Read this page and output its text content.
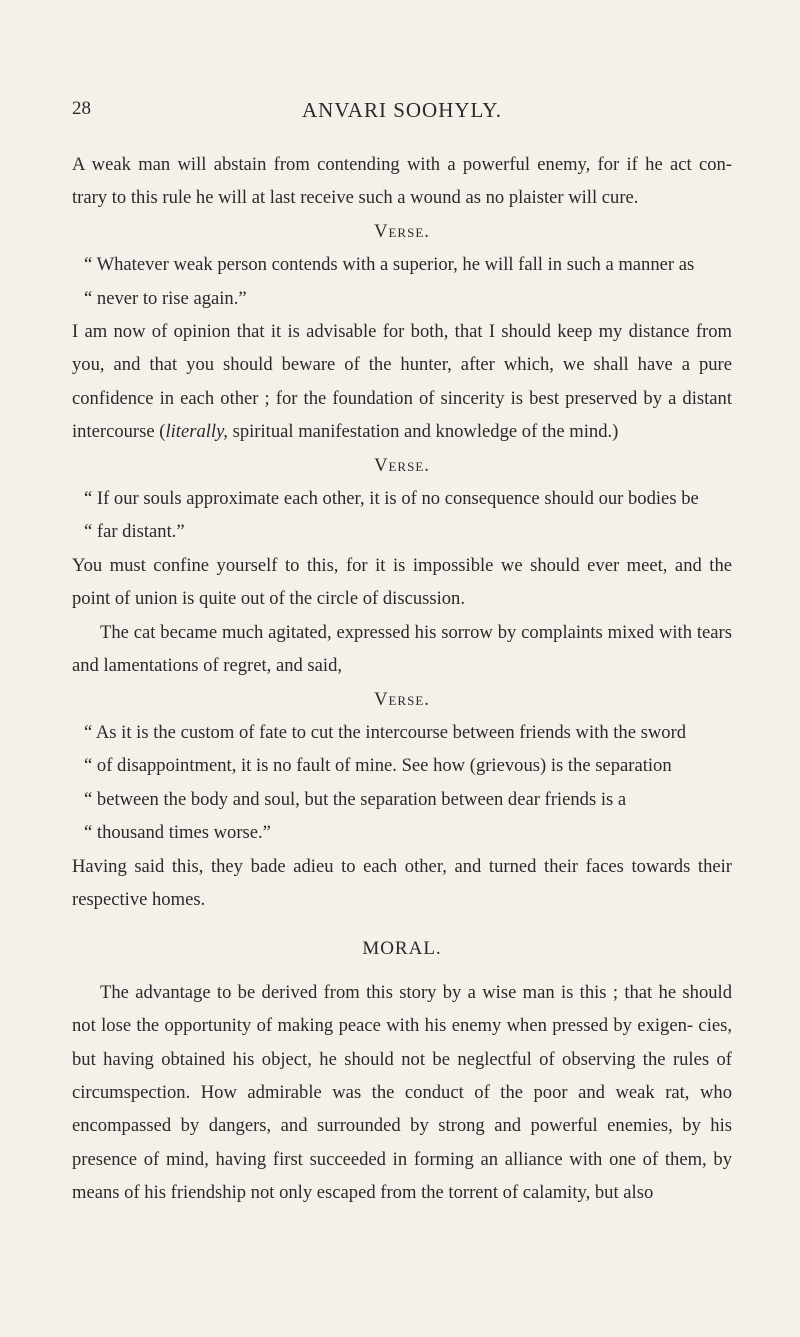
28	ANVARI SOOHYLY.

A weak man will abstain from contending with a powerful enemy, for if he act con- trary to this rule he will at last receive such a wound as no plaister will cure.

Verse.

“ Whatever weak person contends with a superior, he will fall in such a manner as

“ never to rise again.”

I am now of opinion that it is advisable for both, that I should keep my distance from you, and that you should beware of the hunter, after which, we shall have a pure confidence in each other ; for the foundation of sincerity is best preserved by a distant intercourse (literally, spiritual manifestation and knowledge of the mind.)

Verse.

“ If our souls approximate each other, it is of no consequence should our bodies be

“ far distant.”

You must confine yourself to this, for it is impossible we should ever meet, and the point of union is quite out of the circle of discussion.

The cat became much agitated, expressed his sorrow by complaints mixed with tears and lamentations of regret, and said,

Verse.

“ As it is the custom of fate to cut the intercourse between friends with the sword

“ of disappointment, it is no fault of mine. See how (grievous) is the separation

“ between the body and soul, but the separation between dear friends is a

“ thousand times worse.”

Having said this, they bade adieu to each other, and turned their faces towards their respective homes.

MORAL.

The advantage to be derived from this story by a wise man is this ; that he should not lose the opportunity of making peace with his enemy when pressed by exigen- cies, but having obtained his object, he should not be neglectful of observing the rules of circumspection. How admirable was the conduct of the poor and weak rat, who encompassed by dangers, and surrounded by strong and powerful enemies, by his presence of mind, having first succeeded in forming an alliance with one of them, by means of his friendship not only escaped from the torrent of calamity, but also
